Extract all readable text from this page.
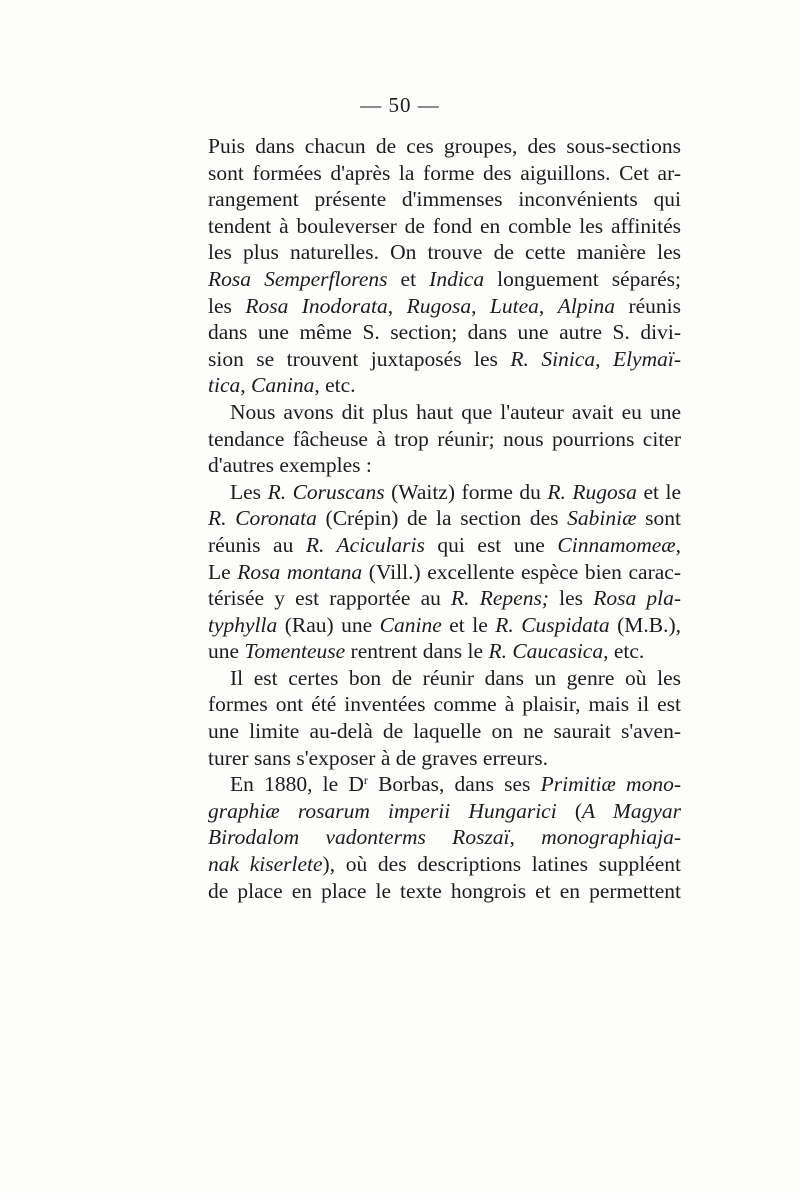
— 50 —
Puis dans chacun de ces groupes, des sous-sections
sont formées d'après la forme des aiguillons. Cet ar-
rangement présente d'immenses inconvénients qui
tendent à bouleverser de fond en comble les affinités
les plus naturelles. On trouve de cette manière les
Rosa Semperflorens et Indica longuement séparés;
les Rosa Inodorata, Rugosa, Lutea, Alpina réunis
dans une même S. section; dans une autre S. divi-
sion se trouvent juxtaposés les R. Sinica, Elymaï-
tica, Canina, etc.
Nous avons dit plus haut que l'auteur avait eu une
tendance fâcheuse à trop réunir; nous pourrions citer
d'autres exemples :
Les R. Coruscans (Waitz) forme du R. Rugosa et le
R. Coronata (Crépin) de la section des Sabiniæ sont
réunis au R. Acicularis qui est une Cinnamomeæ,
Le Rosa montana (Vill.) excellente espèce bien carac-
térisée y est rapportée au R. Repens; les Rosa pla-
typhylla (Rau) une Canine et le R. Cuspidata (M.B.),
une Tomenteuse rentrent dans le R. Caucasica, etc.
Il est certes bon de réunir dans un genre où les
formes ont été inventées comme à plaisir, mais il est
une limite au-delà de laquelle on ne saurait s'aven-
turer sans s'exposer à de graves erreurs.
En 1880, le $D^r$ Borbas, dans ses Primitiæ mono-
graphiæ rosarum imperii Hungarici (A Magyar
Birodalom vadonterms Roszaï, monographiaja-
nak kiserlete), où des descriptions latines suppléent
de place en place le texte hongrois et en permettent
